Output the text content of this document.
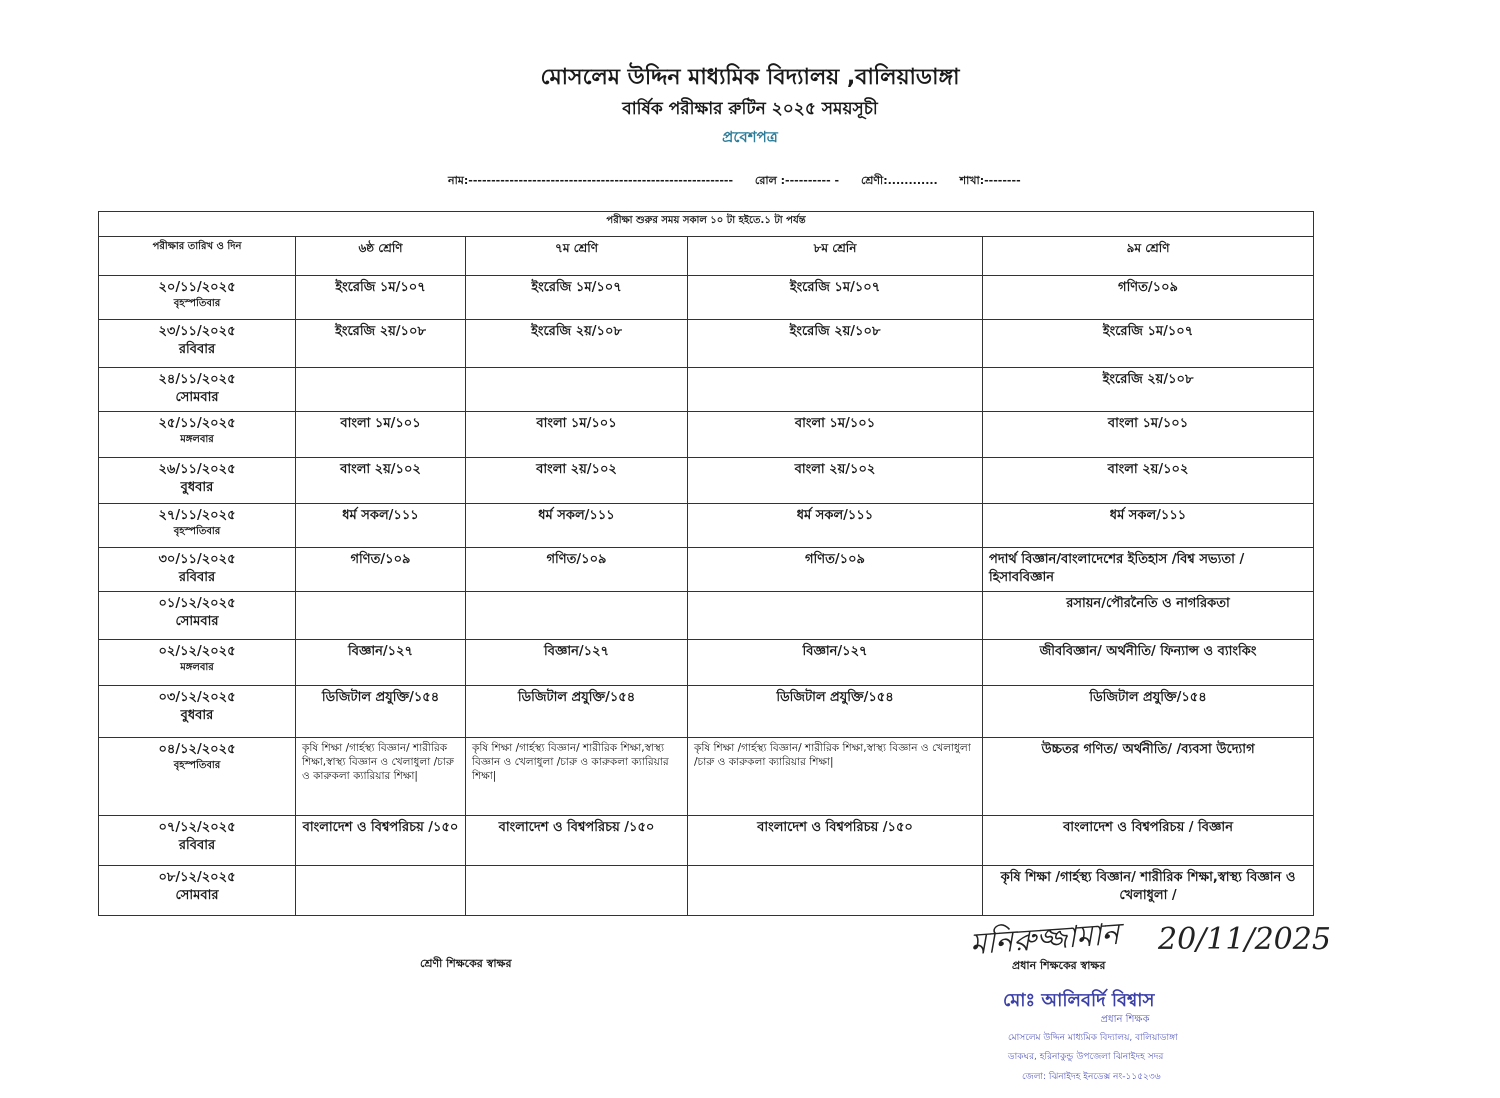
মোসলেম উদ্দিন মাধ্যমিক বিদ্যালয় ,বালিয়াডাঙ্গা
বার্ষিক পরীক্ষার রুটিন ২০২৫ সময়সূচী
প্রবেশপত্র
নাম:---------------------------------------------------------- রোল :---------- - শ্রেণী:............ শাখা:--------
পরীক্ষা শুরুর সময় সকাল ১০ টা হইতে.১ টা পর্যন্ত				
পরীক্ষার তারিখ ও দিন	৬ষ্ঠ শ্রেণি	৭ম শ্রেণি	৮ম শ্রেনি	৯ম শ্রেণি

২০/১১/২০২৫
বৃহস্পতিবার	ইংরেজি ১ম/১০৭	ইংরেজি ১ম/১০৭	ইংরেজি ১ম/১০৭	গণিত/১০৯

২৩/১১/২০২৫
রবিবার	ইংরেজি ২য়/১০৮	ইংরেজি ২য়/১০৮	ইংরেজি ২য়/১০৮	ইংরেজি ১ম/১০৭

২৪/১১/২০২৫
সোমবার				ইংরেজি ২য়/১০৮

২৫/১১/২০২৫
মঙ্গলবার	বাংলা ১ম/১০১	বাংলা ১ম/১০১	বাংলা ১ম/১০১	বাংলা ১ম/১০১

২৬/১১/২০২৫
বুধবার	বাংলা ২য়/১০২	বাংলা ২য়/১০২	বাংলা ২য়/১০২	বাংলা ২য়/১০২

২৭/১১/২০২৫
বৃহস্পতিবার	ধর্ম সকল/১১১	ধর্ম সকল/১১১	ধর্ম সকল/১১১	ধর্ম সকল/১১১

৩০/১১/২০২৫
রবিবার	গণিত/১০৯	গণিত/১০৯	গণিত/১০৯	পদার্থ বিজ্ঞান/বাংলাদেশের ইতিহাস /বিশ্ব সভ্যতা / হিসাববিজ্ঞান

০১/১২/২০২৫
সোমবার				রসায়ন/পৌরনৈতি ও নাগরিকতা

০২/১২/২০২৫
মঙ্গলবার	বিজ্ঞান/১২৭	বিজ্ঞান/১২৭	বিজ্ঞান/১২৭	জীববিজ্ঞান/ অর্থনীতি/ ফিন্যান্স ও ব্যাংকিং

০৩/১২/২০২৫
বুধবার	ডিজিটাল প্রযুক্তি/১৫৪	ডিজিটাল প্রযুক্তি/১৫৪	ডিজিটাল প্রযুক্তি/১৫৪	ডিজিটাল প্রযুক্তি/১৫৪

০৪/১২/২০২৫
বৃহস্পতিবার	কৃষি শিক্ষা /গার্হস্থ্য বিজ্ঞান/ শারীরিক শিক্ষা,স্বাস্থ্য বিজ্ঞান ও খেলাধুলা /চারু ও কারুকলা ক্যারিয়ার শিক্ষা|	কৃষি শিক্ষা /গার্হস্থ্য বিজ্ঞান/ শারীরিক শিক্ষা,স্বাস্থ্য বিজ্ঞান ও খেলাধুলা /চারু ও কারুকলা ক্যারিয়ার শিক্ষা|	কৃষি শিক্ষা /গার্হস্থ্য বিজ্ঞান/ শারীরিক শিক্ষা,স্বাস্থ্য বিজ্ঞান ও খেলাধুলা /চারু ও কারুকলা ক্যারিয়ার শিক্ষা|	উচ্চতর গণিত/ অর্থনীতি/ /ব্যবসা উদ্যোগ

০৭/১২/২০২৫
রবিবার	বাংলাদেশ ও বিশ্বপরিচয় /১৫০	বাংলাদেশ ও বিশ্বপরিচয় /১৫০	বাংলাদেশ ও বিশ্বপরিচয় /১৫০	বাংলাদেশ ও বিশ্বপরিচয় / বিজ্ঞান

০৮/১২/২০২৫
সোমবার				কৃষি শিক্ষা /গার্হস্থ্য বিজ্ঞান/ শারীরিক শিক্ষা,স্বাস্থ্য বিজ্ঞান ও খেলাধুলা /
শ্রেণী শিক্ষকের স্বাক্ষর
মনিরুজ্জামান 20/11/2025
প্রধান শিক্ষকের স্বাক্ষর
মোঃ আলিবর্দি বিশ্বাস
প্রধান শিক্ষক
মোসলেম উদ্দিন মাধ্যমিক বিদ্যালয়, বালিয়াডাঙ্গা
ডাকঘর, হরিনাকুন্ডু উপজেলা ঝিনাইদহ সদর
জেলা: ঝিনাইদহ ইনডেক্স নং-১১৫২৩৬
